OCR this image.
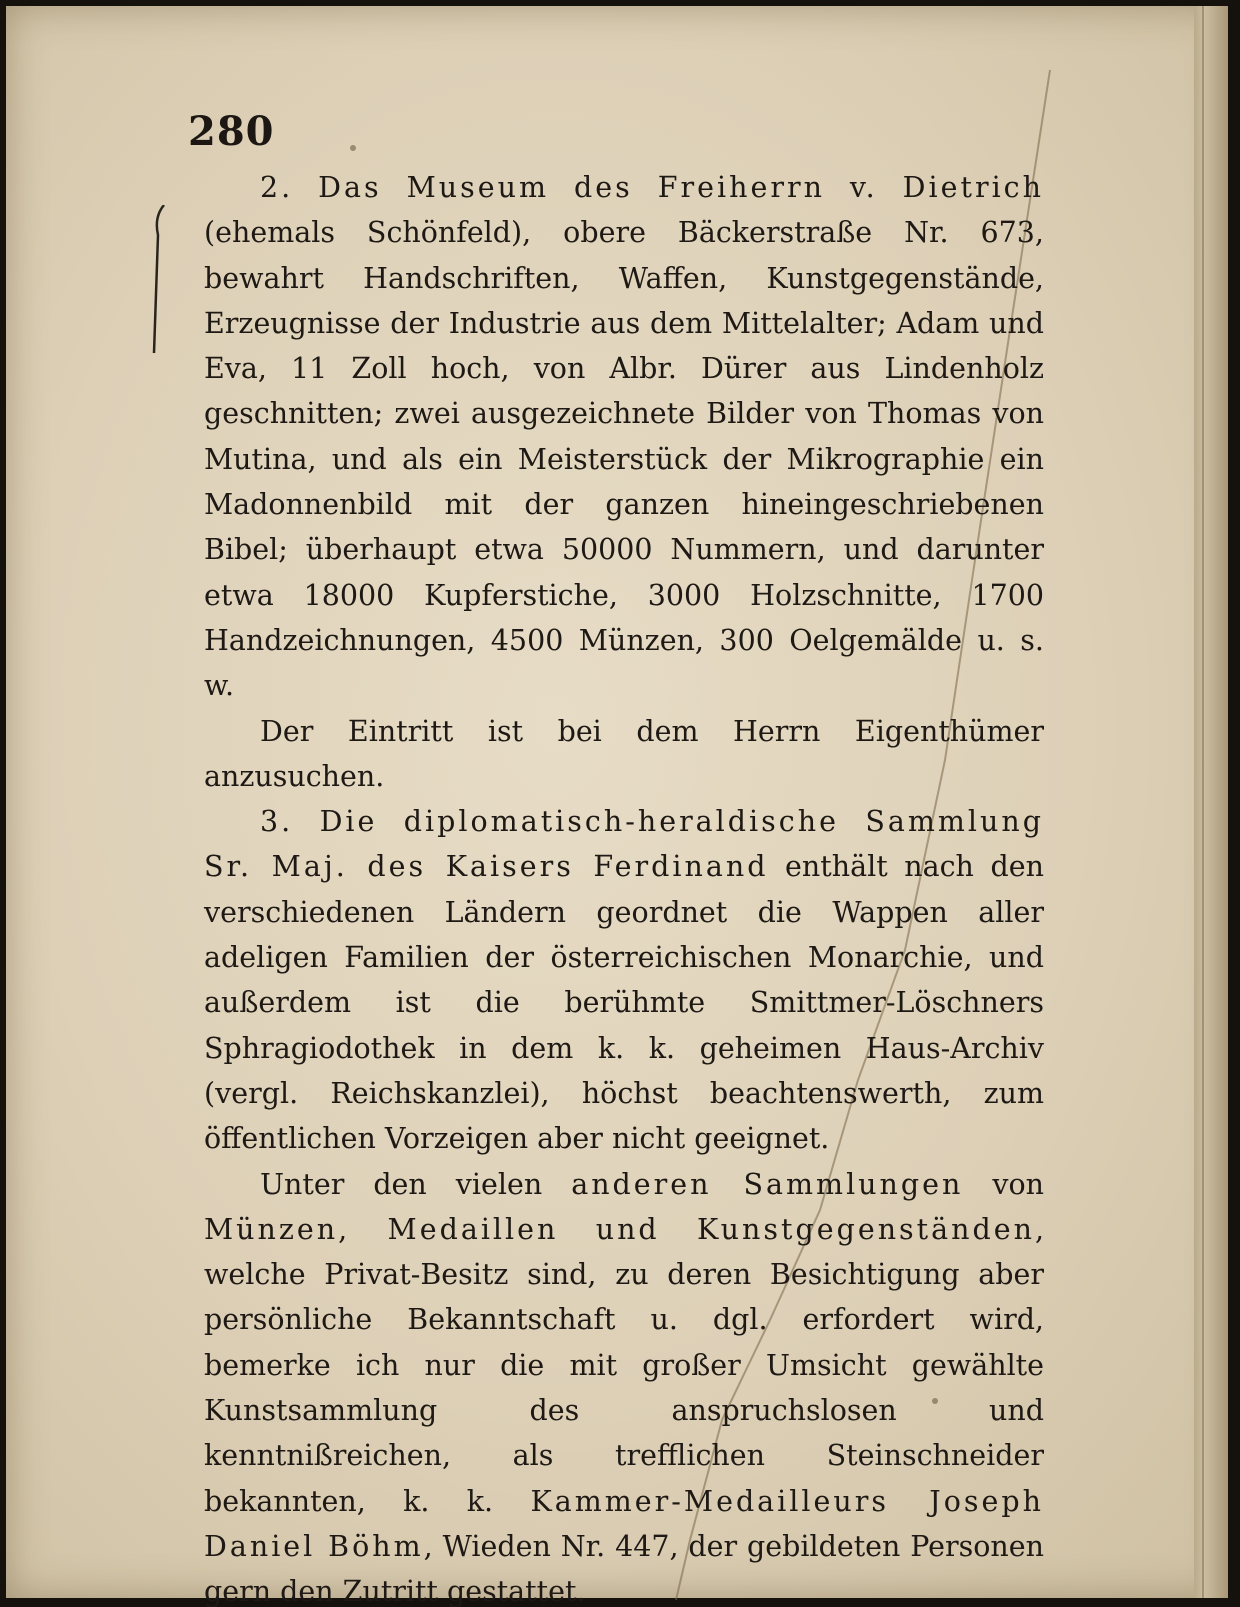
280

2. Das Museum des Freiherrn v. Dietrich (ehemals Schönfeld), obere Bäckerstraße Nr. 673, bewahrt Handschriften, Waffen, Kunstgegenstände, Erzeugnisse der Industrie aus dem Mittelalter; Adam und Eva, 11 Zoll hoch, von Albr. Dürer aus Lindenholz geschnitten; zwei ausgezeichnete Bilder von Thomas von Mutina, und als ein Meisterstück der Mikrographie ein Madonnenbild mit der ganzen hineingeschriebenen Bibel; überhaupt etwa 50000 Nummern, und darunter etwa 18000 Kupferstiche, 3000 Holzschnitte, 1700 Handzeichnungen, 4500 Münzen, 300 Oelgemälde u. s. w.

Der Eintritt ist bei dem Herrn Eigenthümer anzusuchen.

3. Die diplomatisch-heraldische Sammlung Sr. Maj. des Kaisers Ferdinand enthält nach den verschiedenen Ländern geordnet die Wappen aller adeligen Familien der österreichischen Monarchie, und außerdem ist die berühmte Smittmer-Löschners Sphragiodothek in dem k. k. geheimen Haus-Archiv (vergl. Reichskanzlei), höchst beachtenswerth, zum öffentlichen Vorzeigen aber nicht geeignet.

Unter den vielen anderen Sammlungen von Münzen, Medaillen und Kunstgegenständen, welche Privat-Besitz sind, zu deren Besichtigung aber persönliche Bekanntschaft u. dgl. erfordert wird, bemerke ich nur die mit großer Umsicht gewählte Kunstsammlung des anspruchslosen und kenntnißreichen, als trefflichen Steinschneider bekannten, k. k. Kammer-Medailleurs Joseph Daniel Böhm, Wieden Nr. 447, der gebildeten Personen gern den Zutritt gestattet.
